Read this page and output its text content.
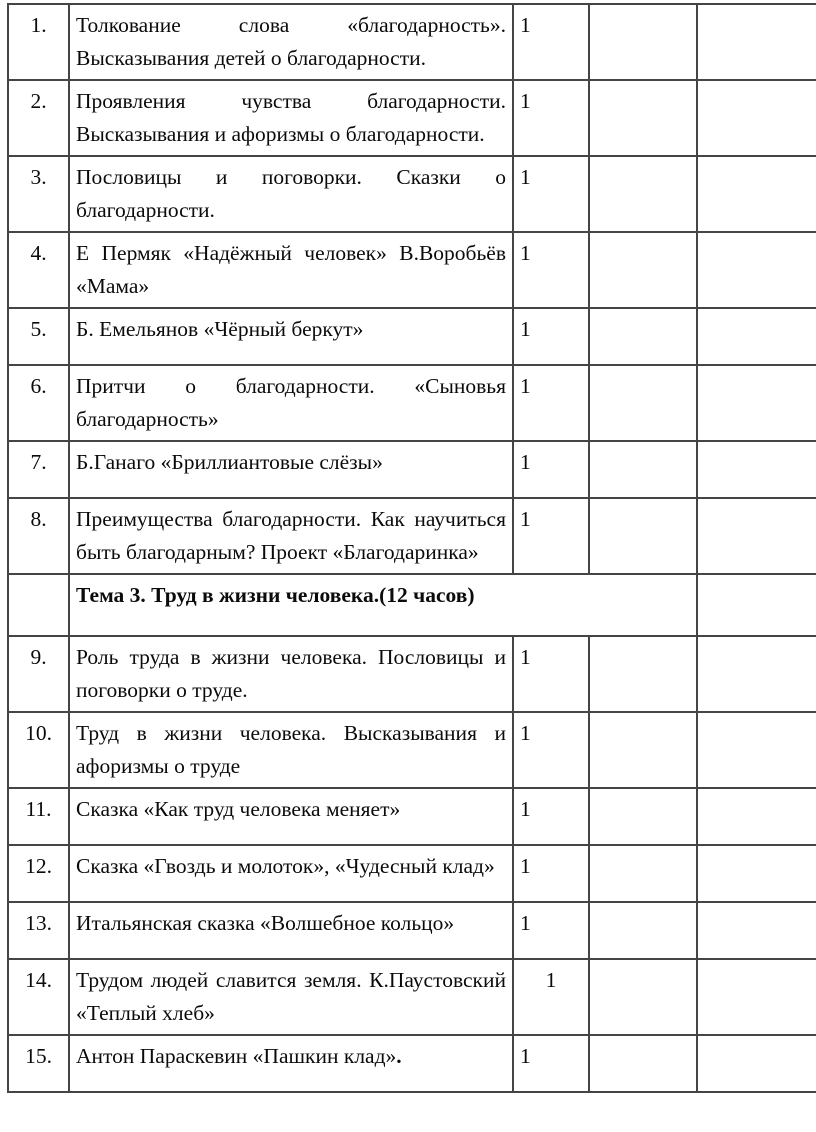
1.	Толкование слова «благодарность». Высказывания детей о благодарности.	1		
2.	Проявления чувства благодарности. Высказывания и афоризмы о благодарности.	1		
3.	Пословицы и поговорки. Сказки о благодарности.	1		
4.	Е Пермяк «Надёжный человек» В.Воробьёв «Мама»	1		
5.	Б. Емельянов «Чёрный беркут»	1		
6.	Притчи о благодарности. «Сыновья благодарность»	1		
7.	Б.Ганаго «Бриллиантовые слёзы»	1		
8.	Преимущества благодарности. Как научиться быть благодарным? Проект «Благодаринка»	1		
	Тема 3. Труд в жизни человека.(12 часов)			
9.	Роль труда в жизни человека. Пословицы и поговорки о труде.	1		
10.	Труд в жизни человека. Высказывания и афоризмы о труде	1		
11.	Сказка «Как труд человека меняет»	1		
12.	Сказка «Гвоздь и молоток», «Чудесный клад»	1		
13.	Итальянская сказка «Волшебное кольцо»	1		
14.	Трудом людей славится земля. К.Паустовский «Теплый хлеб»	1		
15.	Антон Параскевин «Пашкин клад».	1		
